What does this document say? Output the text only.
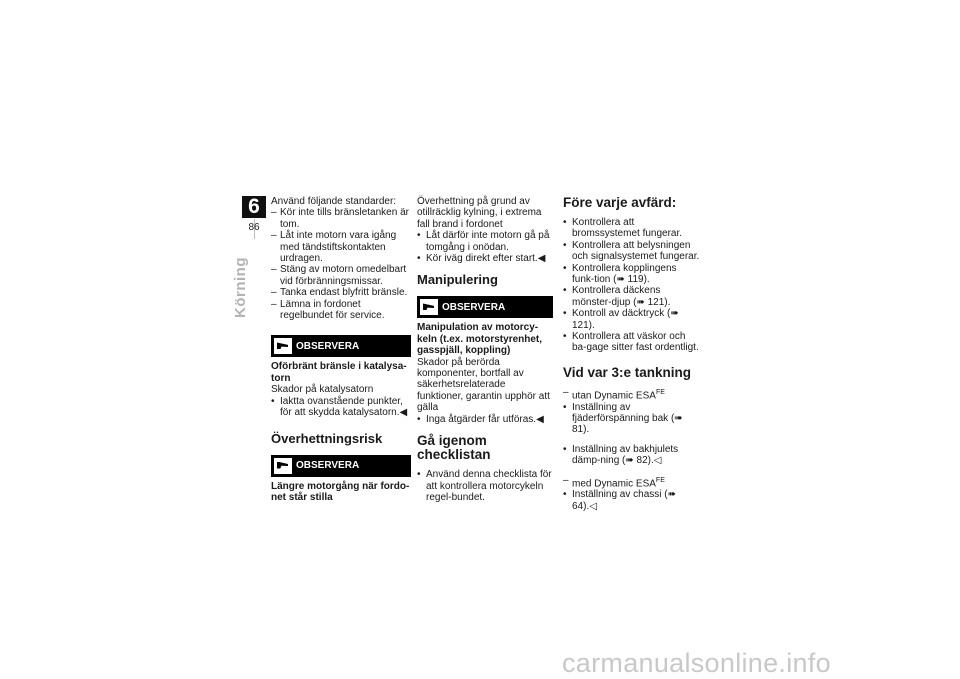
6
86
Körning

Använd följande standarder:

– Kör inte tills bränsletanken är tom.
– Låt inte motorn vara igång med tändstiftskontakten urdragen.
– Stäng av motorn omedelbart vid förbränningsmissar.
– Tanka endast blyfritt bränsle.
– Lämna in fordonet regelbundet för service.
OBSERVERA

Oförbränt bränsle i katalysa-torn

Skador på katalysatorn

• Iaktta ovanstående punkter, för att skydda katalysatorn.◀
Överhettningsrisk
OBSERVERA

Längre motorgång när fordo-net står stilla

Överhettning på grund av otillräcklig kylning, i extrema fall brand i fordonet

• Låt därför inte motorn gå på tomgång i onödan.
• Kör iväg direkt efter start.◀
Manipulering
OBSERVERA

Manipulation av motorcy-keln (t.ex. motorstyrenhet, gasspjäll, koppling)

Skador på berörda komponenter, bortfall av säkerhetsrelaterade funktioner, garantin upphör att gälla

• Inga åtgärder får utföras.◀
Gå igenom checklistan
• Använd denna checklista för att kontrollera motorcykeln regel-bundet.
Före varje avfärd:
• Kontrollera att bromssystemet fungerar.
• Kontrollera att belysningen och signalsystemet fungerar.
• Kontrollera kopplingens funk-tion (➠ 119).
• Kontrollera däckens mönster-djup (➠ 121).
• Kontroll av däcktryck (➠ 121).
• Kontrollera att väskor och ba-gage sitter fast ordentligt.
Vid var 3:e tankning
– utan Dynamic $ESA^{FE}$
• Inställning av fjäderförspänning bak (➠ 81).
• Inställning av bakhjulets dämp-ning (➠ 82).◁
– med Dynamic $ESA^{FE}$
• Inställning av chassi (➠ 64).◁
carmanualsonline.info
